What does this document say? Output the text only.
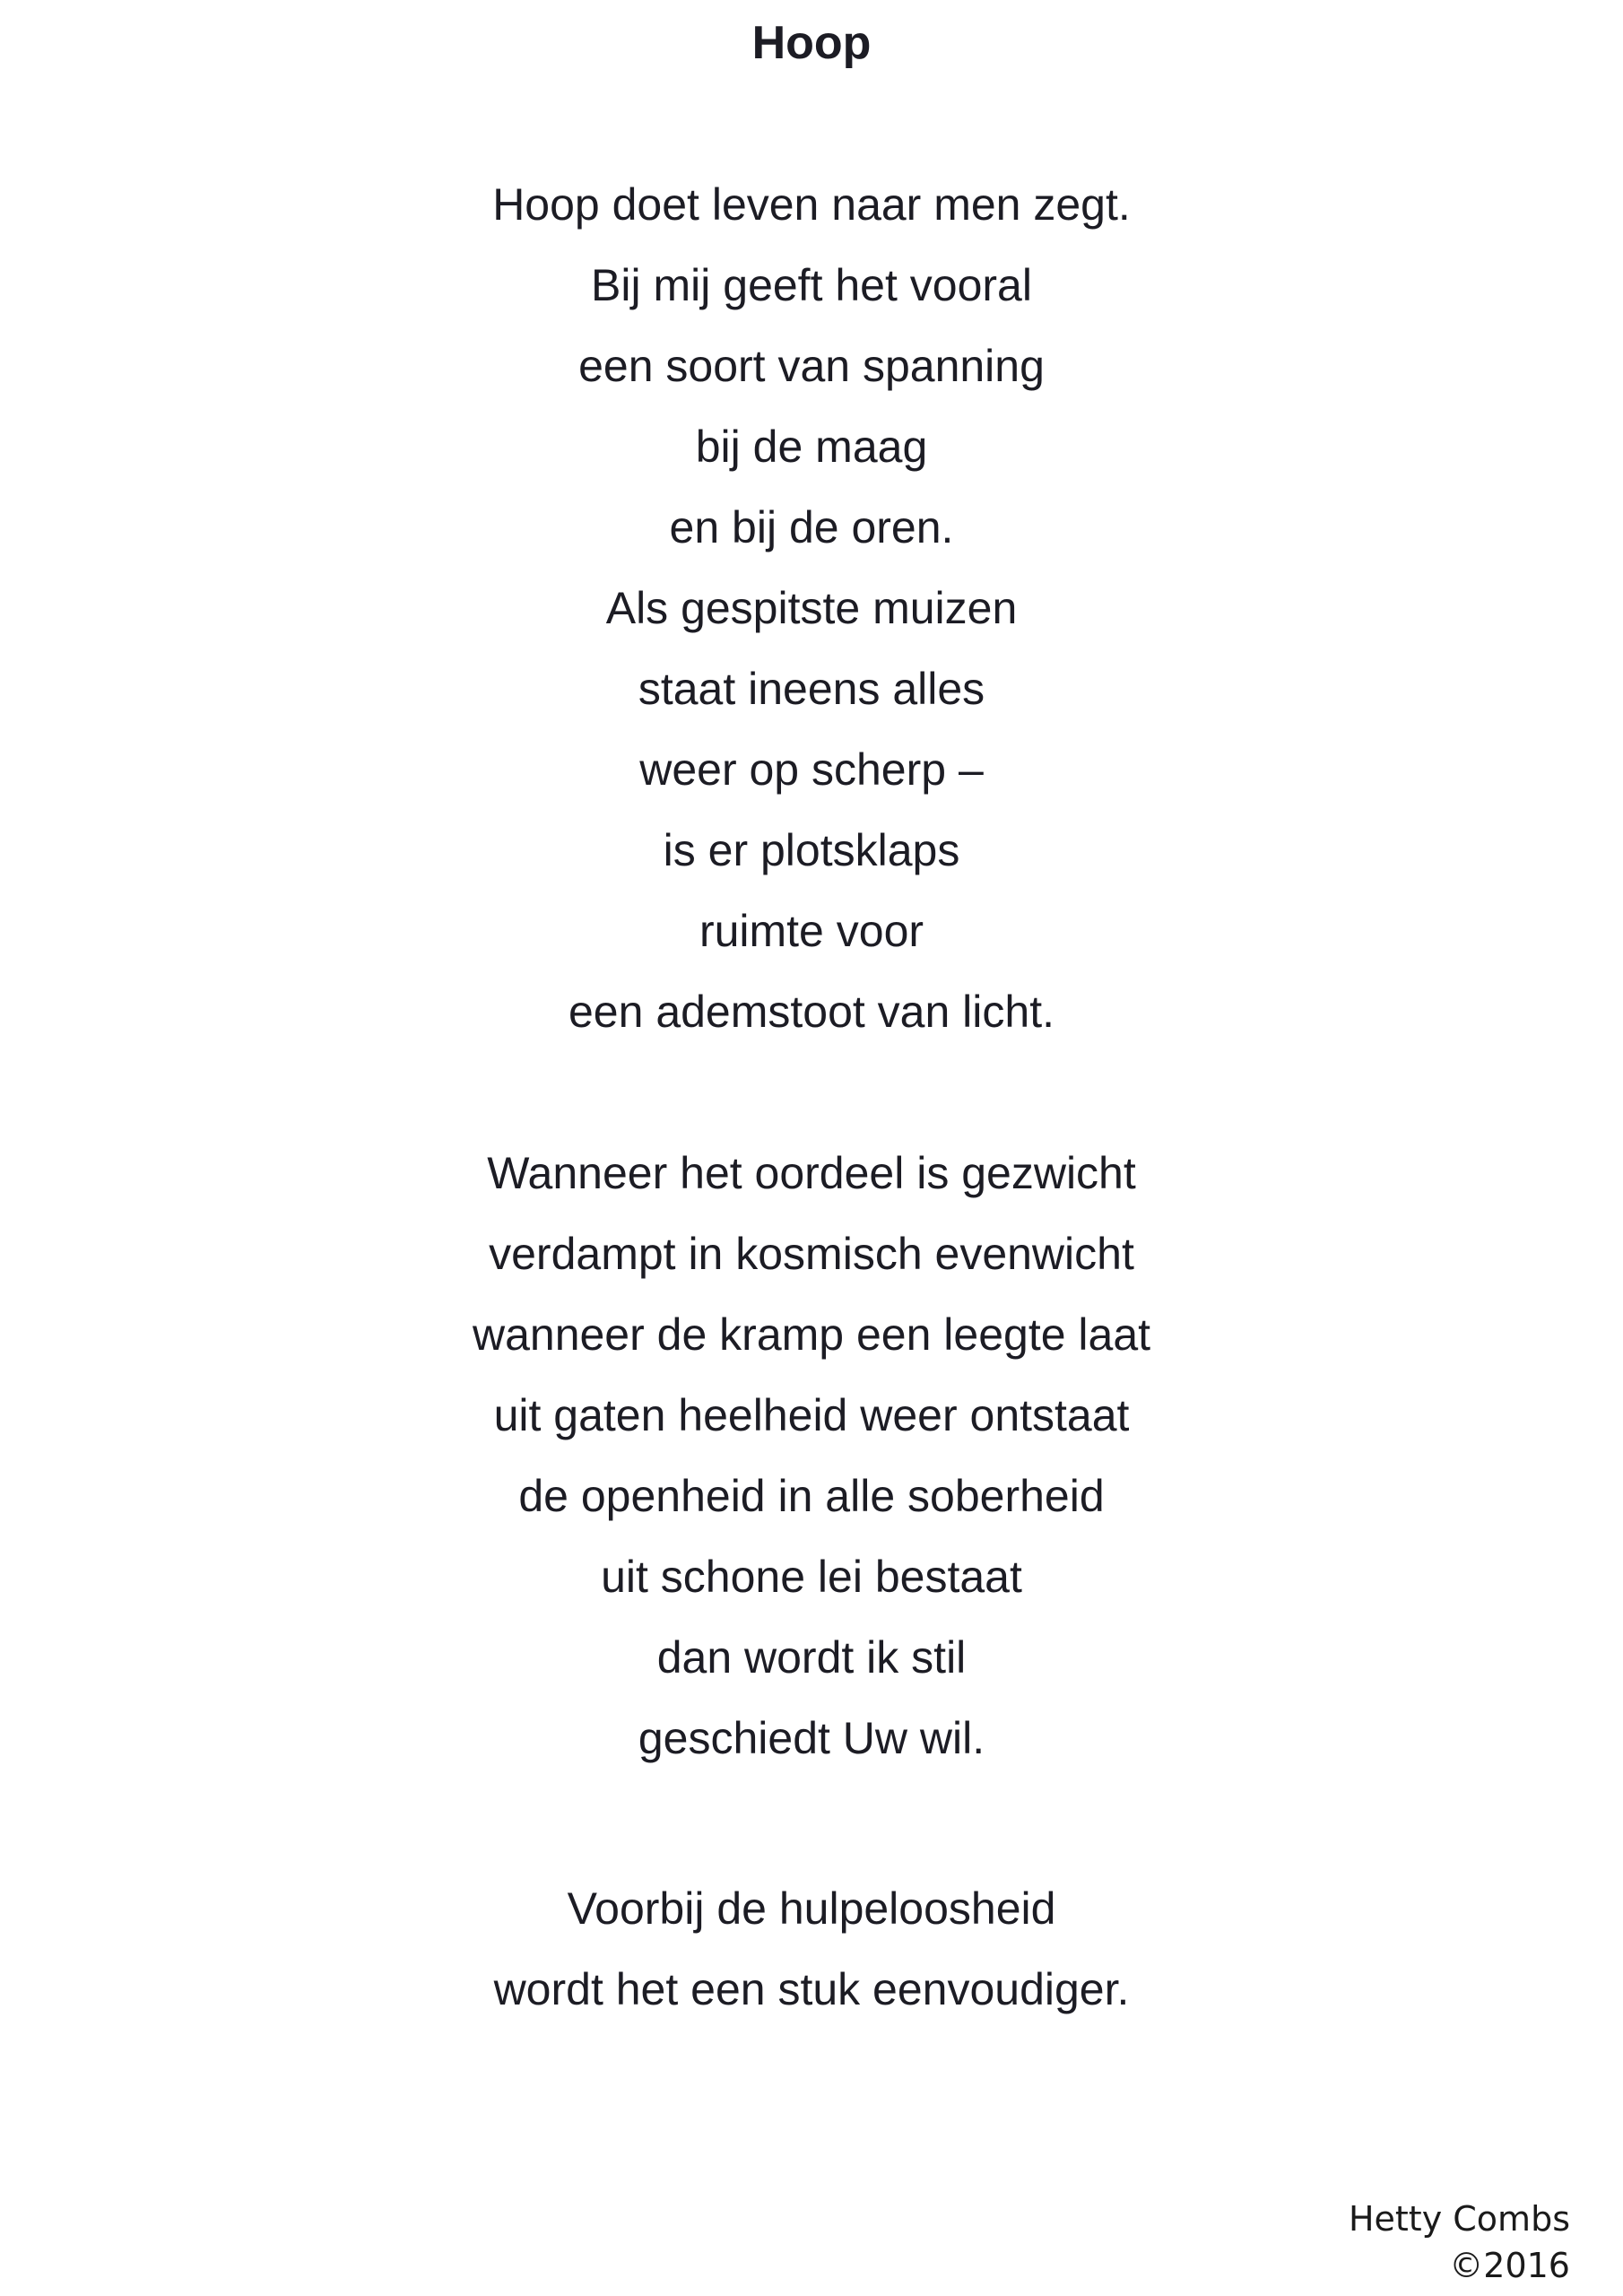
Hoop
Hoop doet leven naar men zegt.
Bij mij geeft het vooral
een soort van spanning
bij de maag
en bij de oren.
Als gespitste muizen
staat ineens alles
weer op scherp –
is er plotsklaps
ruimte voor
een ademstoot van licht.
Wanneer het oordeel is gezwicht
verdampt in kosmisch evenwicht
wanneer de kramp een leegte laat
uit gaten heelheid weer ontstaat
de openheid in alle soberheid
uit schone lei bestaat
dan wordt ik stil
geschiedt Uw wil.
Voorbij de hulpeloosheid
wordt het een stuk eenvoudiger.
Hetty Combs
©2016
